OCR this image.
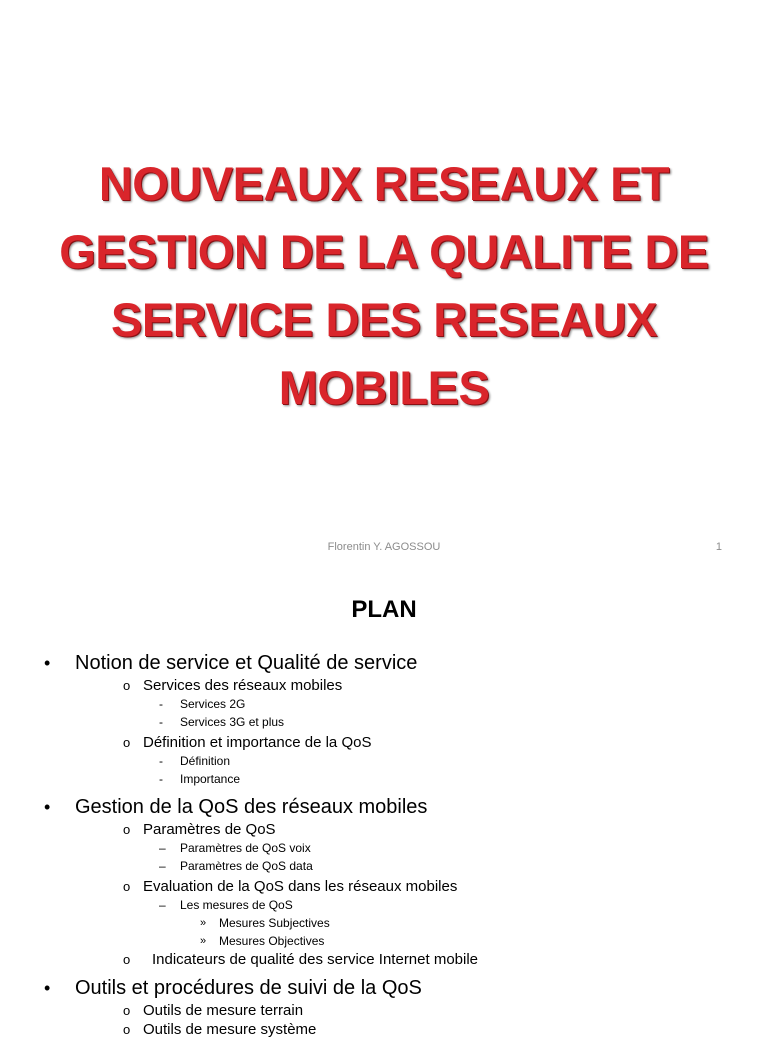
NOUVEAUX RESEAUX ET
GESTION DE LA QUALITE DE
SERVICE DES RESEAUX
MOBILES
Florentin Y. AGOSSOU	1
PLAN
• Notion de service et Qualité de service
o Services des réseaux mobiles
- Services 2G
- Services 3G et plus
o Définition et importance de la QoS
- Définition
- Importance
• Gestion de la QoS des réseaux mobiles
o Paramètres de QoS
– Paramètres de QoS voix
– Paramètres de QoS data
o Evaluation de la QoS dans les réseaux mobiles
– Les mesures de QoS
» Mesures Subjectives
» Mesures Objectives
o Indicateurs de qualité des service Internet mobile
• Outils et procédures de suivi de la QoS
o Outils de mesure terrain
o Outils de mesure système
